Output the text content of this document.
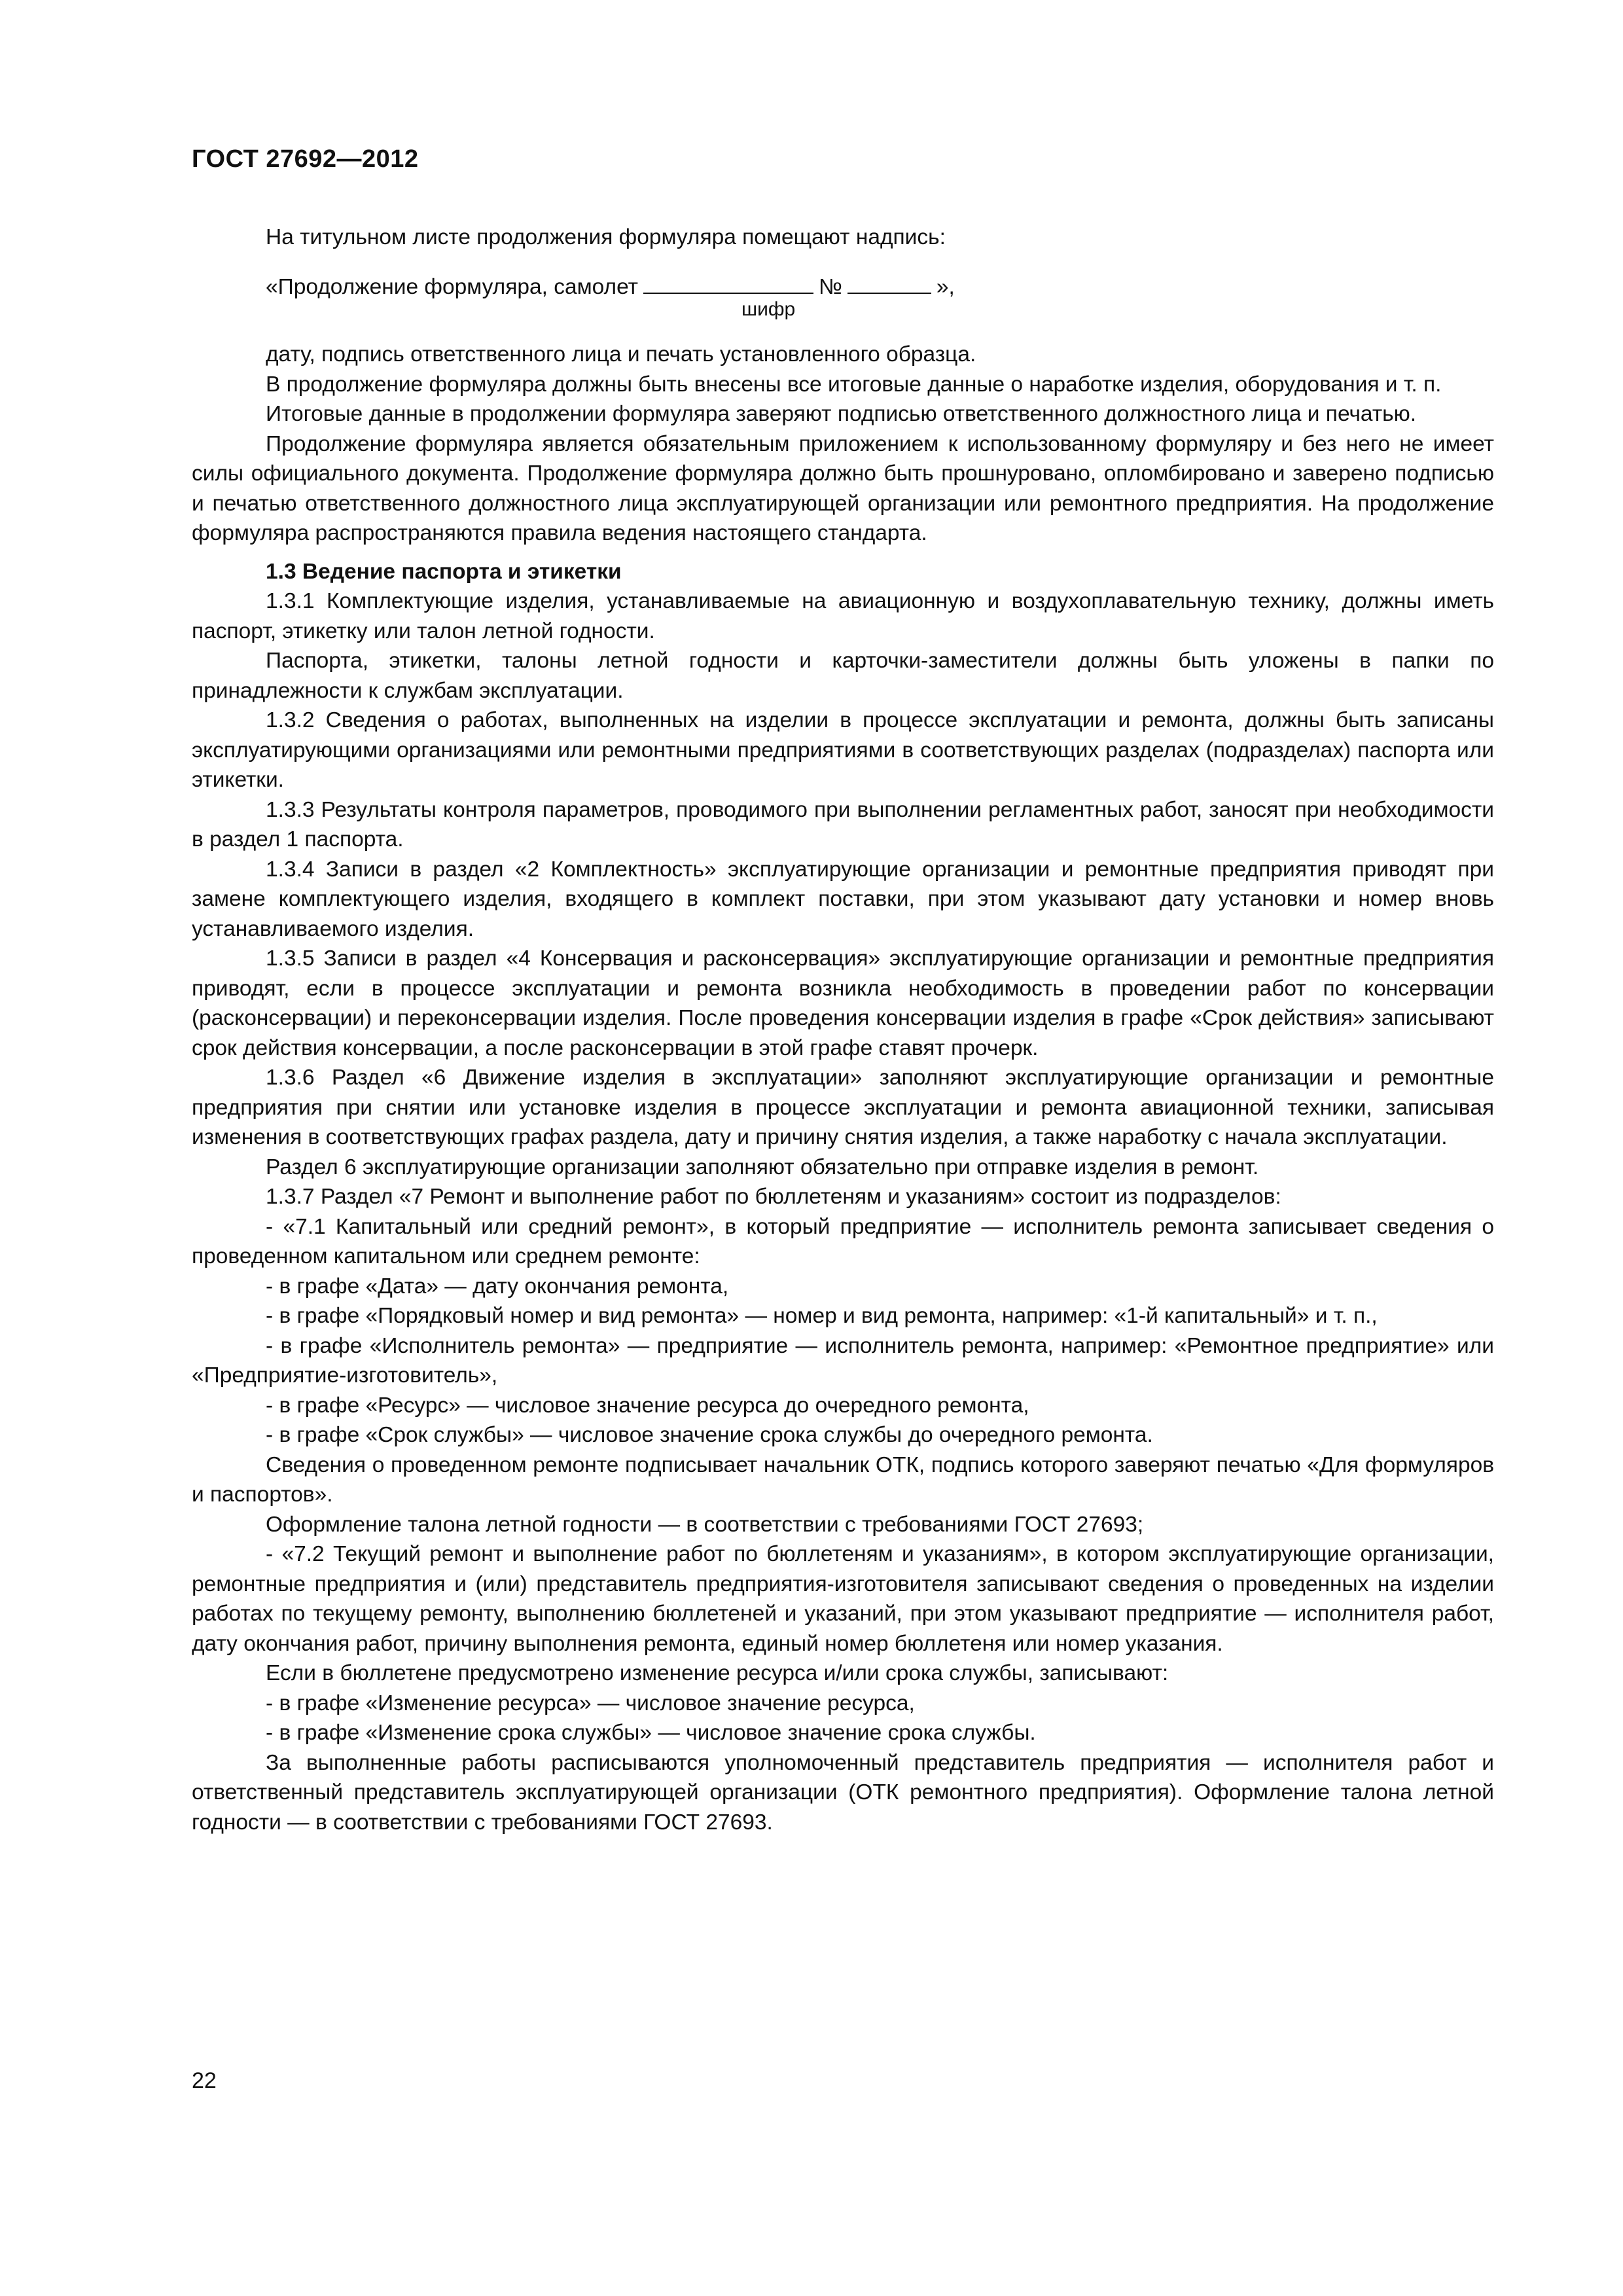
ГОСТ 27692—2012

На титульном листе продолжения формуляра помещают надпись:

«Продолжение формуляра, самолет	№	»,

шифр

дату, подпись ответственного лица и печать установленного образца.

В продолжение формуляра должны быть внесены все итоговые данные о наработке изделия, оборудования и т. п.

Итоговые данные в продолжении формуляра заверяют подписью ответственного должностного лица и печатью.

Продолжение формуляра является обязательным приложением к использованному формуляру и без него не имеет силы официального документа. Продолжение формуляра должно быть прошнуровано, опломбировано и заверено подписью и печатью ответственного должностного лица эксплуатирующей организации или ремонтного предприятия. На продолжение формуляра распространяются правила ведения настоящего стандарта.

1.3 Ведение паспорта и этикетки

1.3.1 Комплектующие изделия, устанавливаемые на авиационную и воздухоплавательную технику, должны иметь паспорт, этикетку или талон летной годности.

Паспорта, этикетки, талоны летной годности и карточки-заместители должны быть уложены в папки по принадлежности к службам эксплуатации.

1.3.2 Сведения о работах, выполненных на изделии в процессе эксплуатации и ремонта, должны быть записаны эксплуатирующими организациями или ремонтными предприятиями в соответствующих разделах (подразделах) паспорта или этикетки.

1.3.3 Результаты контроля параметров, проводимого при выполнении регламентных работ, заносят при необходимости в раздел 1 паспорта.

1.3.4 Записи в раздел «2 Комплектность» эксплуатирующие организации и ремонтные предприятия приводят при замене комплектующего изделия, входящего в комплект поставки, при этом указывают дату установки и номер вновь устанавливаемого изделия.

1.3.5 Записи в раздел «4 Консервация и расконсервация» эксплуатирующие организации и ремонтные предприятия приводят, если в процессе эксплуатации и ремонта возникла необходимость в проведении работ по консервации (расконсервации) и переконсервации изделия. После проведения консервации изделия в графе «Срок действия» записывают срок действия консервации, а после расконсервации в этой графе ставят прочерк.

1.3.6 Раздел «6 Движение изделия в эксплуатации» заполняют эксплуатирующие организации и ремонтные предприятия при снятии или установке изделия в процессе эксплуатации и ремонта авиационной техники, записывая изменения в соответствующих графах раздела, дату и причину снятия изделия, а также наработку с начала эксплуатации.

Раздел 6 эксплуатирующие организации заполняют обязательно при отправке изделия в ремонт.

1.3.7 Раздел «7 Ремонт и выполнение работ по бюллетеням и указаниям» состоит из подразделов:

- «7.1 Капитальный или средний ремонт», в который предприятие — исполнитель ремонта записывает сведения о проведенном капитальном или среднем ремонте:

- в графе «Дата» — дату окончания ремонта,

- в графе «Порядковый номер и вид ремонта» — номер и вид ремонта, например: «1-й капитальный» и т. п.,

- в графе «Исполнитель ремонта» — предприятие — исполнитель ремонта, например: «Ремонтное предприятие» или «Предприятие-изготовитель»,

- в графе «Ресурс» — числовое значение ресурса до очередного ремонта,

- в графе «Срок службы» — числовое значение срока службы до очередного ремонта.

Сведения о проведенном ремонте подписывает начальник ОТК, подпись которого заверяют печатью «Для формуляров и паспортов».

Оформление талона летной годности — в соответствии с требованиями ГОСТ 27693;

- «7.2 Текущий ремонт и выполнение работ по бюллетеням и указаниям», в котором эксплуатирующие организации, ремонтные предприятия и (или) представитель предприятия-изготовителя записывают сведения о проведенных на изделии работах по текущему ремонту, выполнению бюллетеней и указаний, при этом указывают предприятие — исполнителя работ, дату окончания работ, причину выполнения ремонта, единый номер бюллетеня или номер указания.

Если в бюллетене предусмотрено изменение ресурса и/или срока службы, записывают:

- в графе «Изменение ресурса» — числовое значение ресурса,

- в графе «Изменение срока службы» — числовое значение срока службы.

За выполненные работы расписываются уполномоченный представитель предприятия — исполнителя работ и ответственный представитель эксплуатирующей организации (ОТК ремонтного предприятия). Оформление талона летной годности — в соответствии с требованиями ГОСТ 27693.

22
